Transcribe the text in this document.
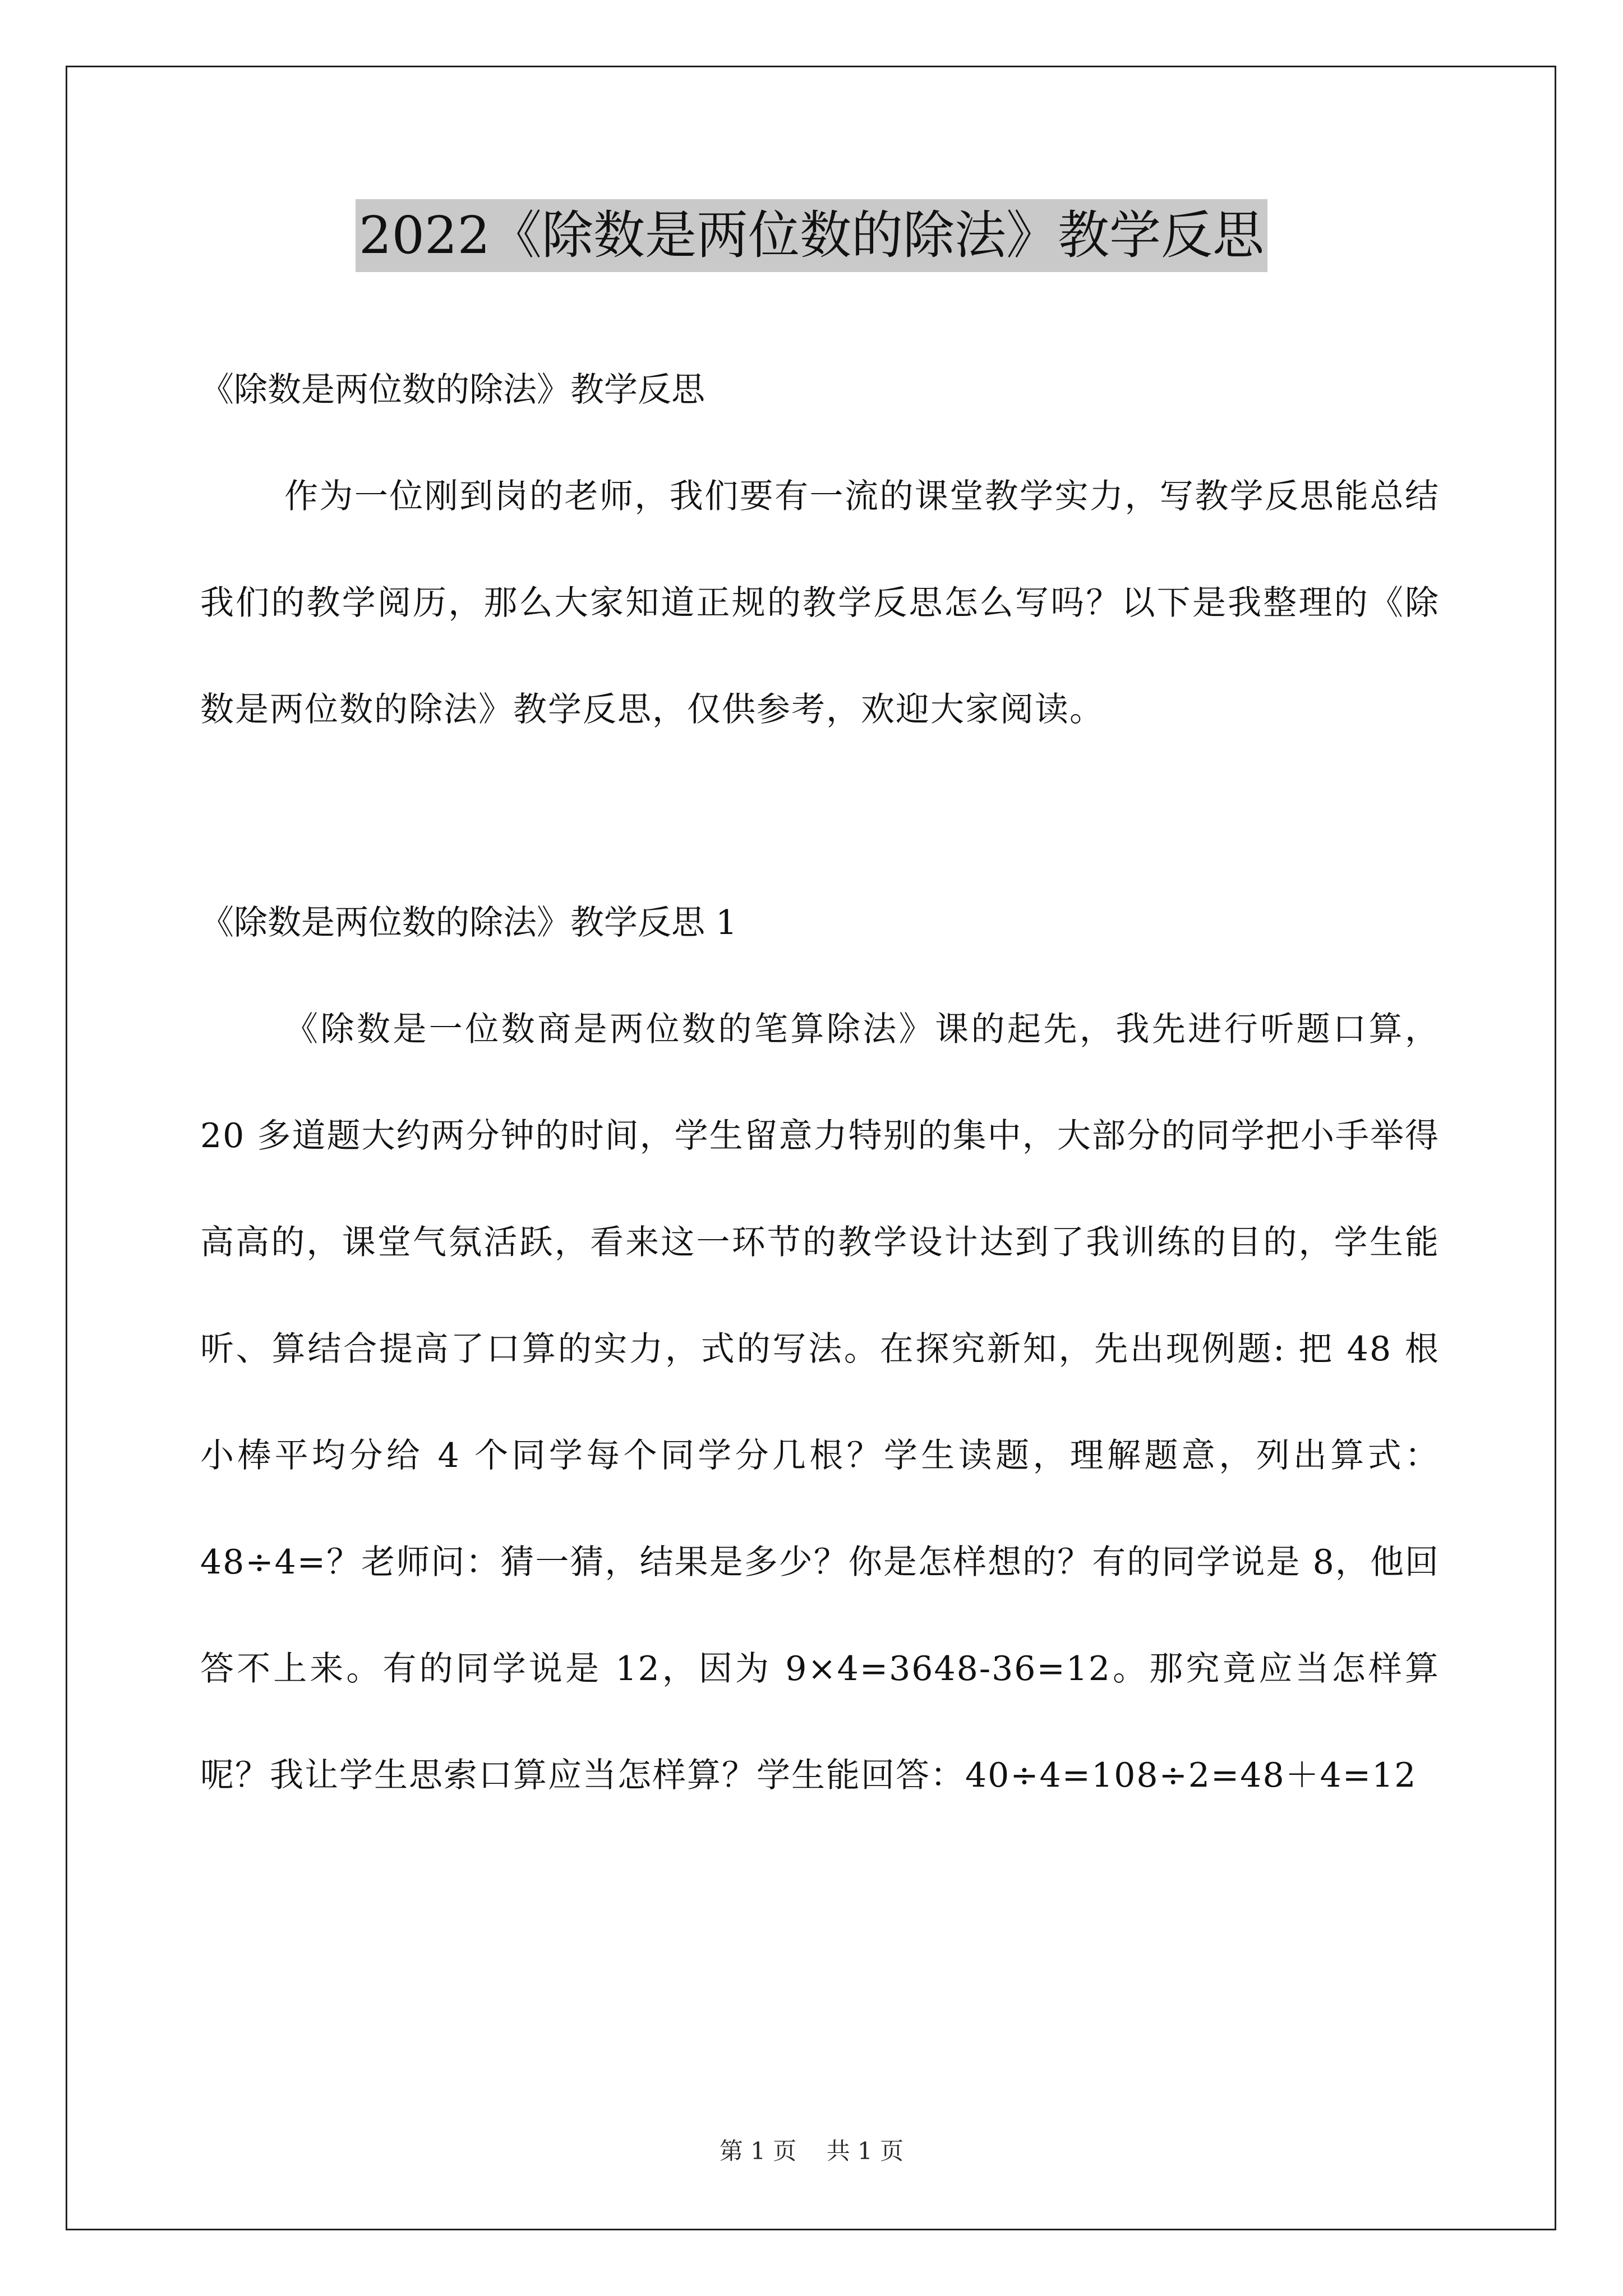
2022《除数是两位数的除法》教学反思

《除数是两位数的除法》教学反思

作为一位刚到岗的老师，我们要有一流的课堂教学实力，写教学反思能总结我们的教学阅历，那么大家知道正规的教学反思怎么写吗？以下是我整理的《除数是两位数的除法》教学反思，仅供参考，欢迎大家阅读。

《除数是两位数的除法》教学反思 1

《除数是一位数商是两位数的笔算除法》课的起先，我先进行听题口算，20 多道题大约两分钟的时间，学生留意力特别的集中，大部分的同学把小手举得高高的，课堂气氛活跃，看来这一环节的教学设计达到了我训练的目的，学生能听、算结合提高了口算的实力，式的写法。在探究新知，先出现例题: 把 48 根小棒平均分给 4 个同学每个同学分几根？学生读题，理解题意，列出算式：48÷4=？老师问：猜一猜，结果是多少？你是怎样想的？有的同学说是 8，他回答不上来。有的同学说是 12，因为 9×4=3648-36=12。那究竟应当怎样算呢？我让学生思索口算应当怎样算？学生能回答：40÷4=108÷2=48＋4=12

第 1 页    共 1 页
